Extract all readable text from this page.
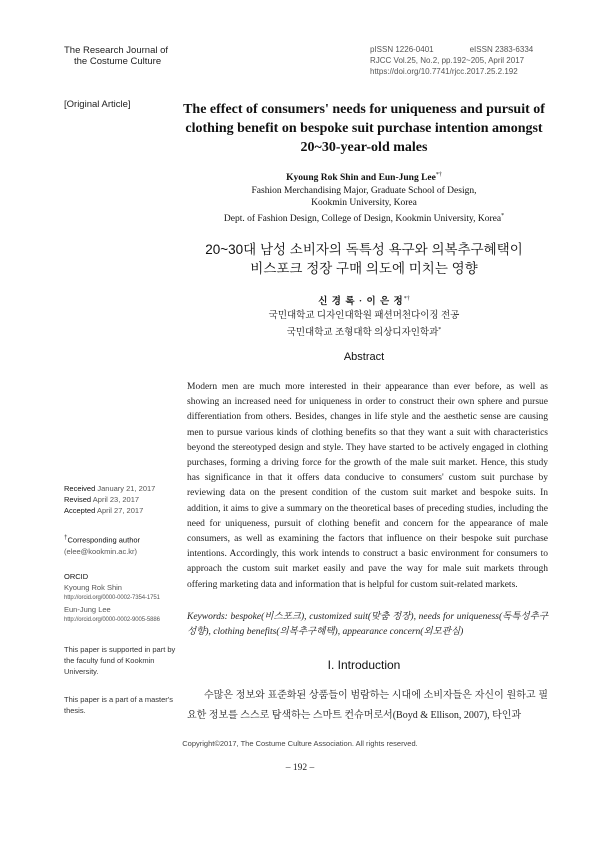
The Research Journal of
the Costume Culture
pISSN 1226-0401	eISSN 2383-6334
RJCC Vol.25, No.2, pp.192~205, April 2017
https://doi.org/10.7741/rjcc.2017.25.2.192
[Original Article]	The effect of consumers' needs for uniqueness and pursuit of clothing benefit on bespoke suit purchase intention amongst 20~30-year-old males
Kyoung Rok Shin and Eun-Jung Lee*†
Fashion Merchandising Major, Graduate School of Design,
Kookmin University, Korea
Dept. of Fashion Design, College of Design, Kookmin University, Korea*
20~30대 남성 소비자의 독특성 욕구와 의복추구혜택이
비스포크 정장 구매 의도에 미치는 영향
신 경 록 · 이 은 정*†
국민대학교 디자인대학원 패션머천다이징 전공
국민대학교 조형대학 의상디자인학과*
Abstract
Modern men are much more interested in their appearance than ever before, as well as showing an increased need for uniqueness in order to construct their own sphere and pursue differentiation from others. Besides, changes in life style and the aesthetic sense are causing men to pursue various kinds of clothing benefits so that they want a suit with characteristics beyond the stereotyped design and style. They have started to be actively engaged in clothing purchases, forming a driving force for the growth of the male suit market. Hence, this study has significance in that it offers data conducive to consumers' custom suit purchase by reviewing data on the present condition of the custom suit market and bespoke suits. In addition, it aims to give a summary on the theoretical bases of preceding studies, including the need for uniqueness, pursuit of clothing benefit and concern for the appearance of male consumers, as well as examining the factors that influence on their bespoke suit purchase intentions. Accordingly, this work intends to construct a basic environment for consumers to approach the custom suit market easily and pave the way for male suit markets through offering marketing data and information that is helpful for custom suit-related markets.
Keywords: bespoke(비스포크), customized suit(맞춤 정장), needs for uniqueness(독특성추구성향), clothing benefits(의복추구혜택), appearance concern(외모관심)
Received January 21, 2017
Revised April 23, 2017
Accepted April 27, 2017
†Corresponding author
(elee@kookmin.ac.kr)
ORCID
Kyoung Rok Shin
http://orcid.org/0000-0002-7354-1751
Eun-Jung Lee
http://orcid.org/0000-0002-9005-5886
This paper is supported in part by the faculty fund of Kookmin University.
This paper is a part of a master's thesis.
I. Introduction
수많은 정보와 표준화된 상품들이 범람하는 시대에 소비자들은 자신이 원하고 필요한 정보를 스스로 탐색하는 스마트 컨슈머로서(Boyd & Ellison, 2007), 타인과
Copyright©2017, The Costume Culture Association. All rights reserved.
– 192 –
